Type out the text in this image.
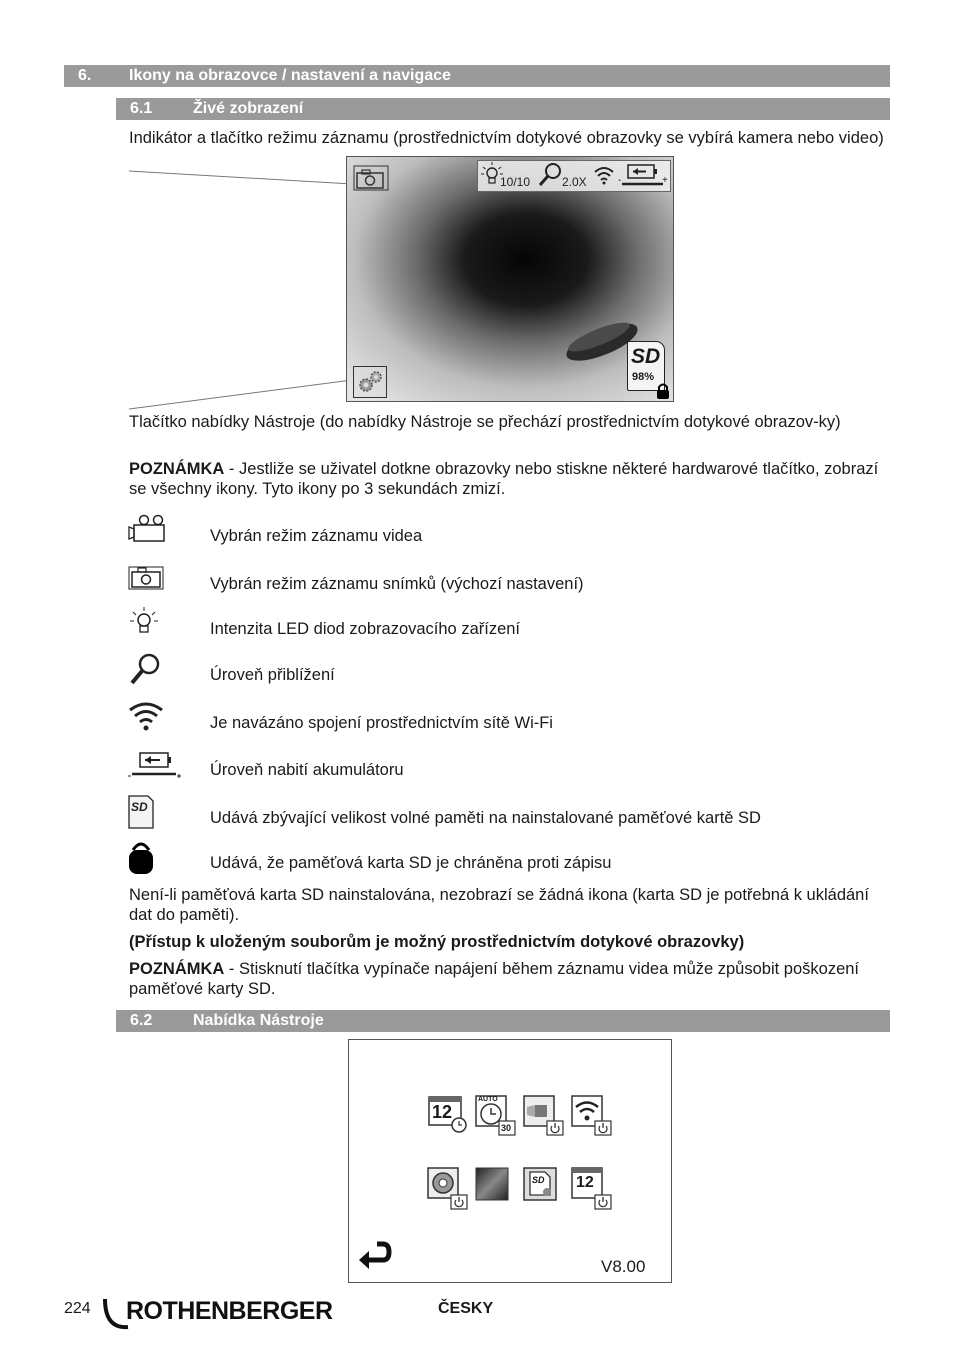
6. Ikony na obrazovce / nastavení a navigace
6.1	Živé zobrazení
Indikátor a tlačítko režimu záznamu (prostřednictvím dotykové obrazovky se vybírá kamera nebo video)
10/10	2.0X	-	+
SD
98%
Tlačítko nabídky Nástroje (do nabídky Nástroje se přechází prostřednictvím dotykové obrazov-ky)
POZNÁMKA - Jestliže se uživatel dotkne obrazovky nebo stiskne některé hardwarové tlačítko, zobrazí se všechny ikony. Tyto ikony po 3 sekundách zmizí.
Vybrán režim záznamu videa
Vybrán režim záznamu snímků (výchozí nastavení)
Intenzita LED diod zobrazovacího zařízení
Úroveň přiblížení
Je navázáno spojení prostřednictvím sítě Wi-Fi
Úroveň nabití akumulátoru
SD
Udává zbývající velikost volné paměti na nainstalované paměťové kartě SD
Udává, že paměťová karta SD je chráněna proti zápisu
Není-li paměťová karta SD nainstalována, nezobrazí se žádná ikona (karta SD je potřebná k ukládání dat do paměti).
(Přístup k uloženým souborům je možný prostřednictvím dotykové obrazovky)
POZNÁMKA - Stisknutí tlačítka vypínače napájení během záznamu videa může způsobit poškození paměťové karty SD.
6.2	Nabídka Nástroje
12
AUTO
30
SD 12
V8.00
224 ROTHENBERGER	ČESKY
